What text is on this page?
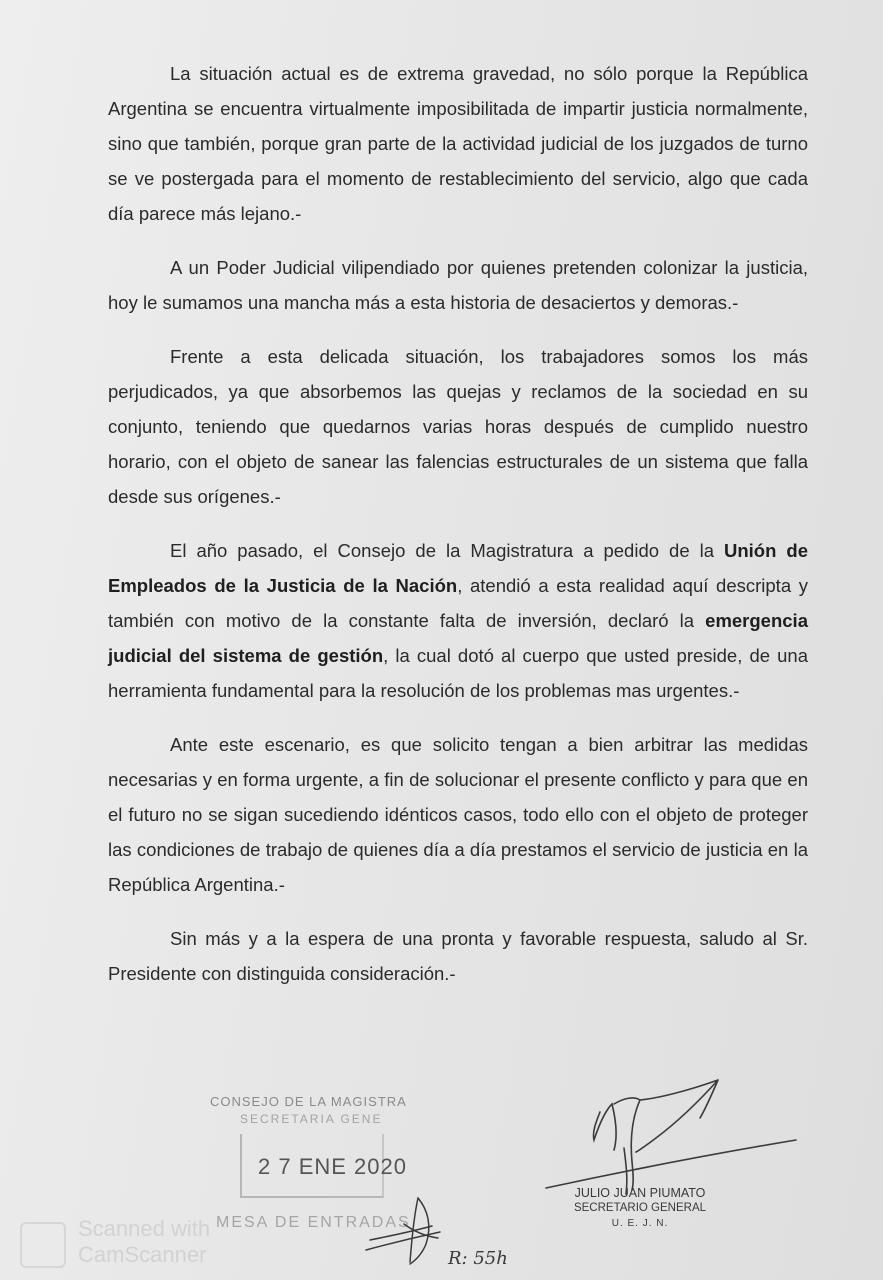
La situación actual es de extrema gravedad, no sólo porque la República Argentina se encuentra virtualmente imposibilitada de impartir justicia normalmente, sino que también, porque gran parte de la actividad judicial de los juzgados de turno se ve postergada para el momento de restablecimiento del servicio, algo que cada día parece más lejano.-

A un Poder Judicial vilipendiado por quienes pretenden colonizar la justicia, hoy le sumamos una mancha más a esta historia de desaciertos y demoras.-

Frente a esta delicada situación, los trabajadores somos los más perjudicados, ya que absorbemos las quejas y reclamos de la sociedad en su conjunto, teniendo que quedarnos varias horas después de cumplido nuestro horario, con el objeto de sanear las falencias estructurales de un sistema que falla desde sus orígenes.-

El año pasado, el Consejo de la Magistratura a pedido de la Unión de Empleados de la Justicia de la Nación, atendió a esta realidad aquí descripta y también con motivo de la constante falta de inversión, declaró la emergencia judicial del sistema de gestión, la cual dotó al cuerpo que usted preside, de una herramienta fundamental para la resolución de los problemas mas urgentes.-

Ante este escenario, es que solicito tengan a bien arbitrar las medidas necesarias y en forma urgente, a fin de solucionar el presente conflicto y para que en el futuro no se sigan sucediendo idénticos casos, todo ello con el objeto de proteger las condiciones de trabajo de quienes día a día prestamos el servicio de justicia en la República Argentina.-

Sin más y a la espera de una pronta y favorable respuesta, saludo al Sr. Presidente con distinguida consideración.-

CONSEJO DE LA MAGISTRA
SECRETARIA GENE
2 7 ENE 2020
MESA DE ENTRADAS
R: 55h
JULIO JUAN PIUMATO
SECRETARIO GENERAL
U. E. J. N.
Scanned with
CamScanner
